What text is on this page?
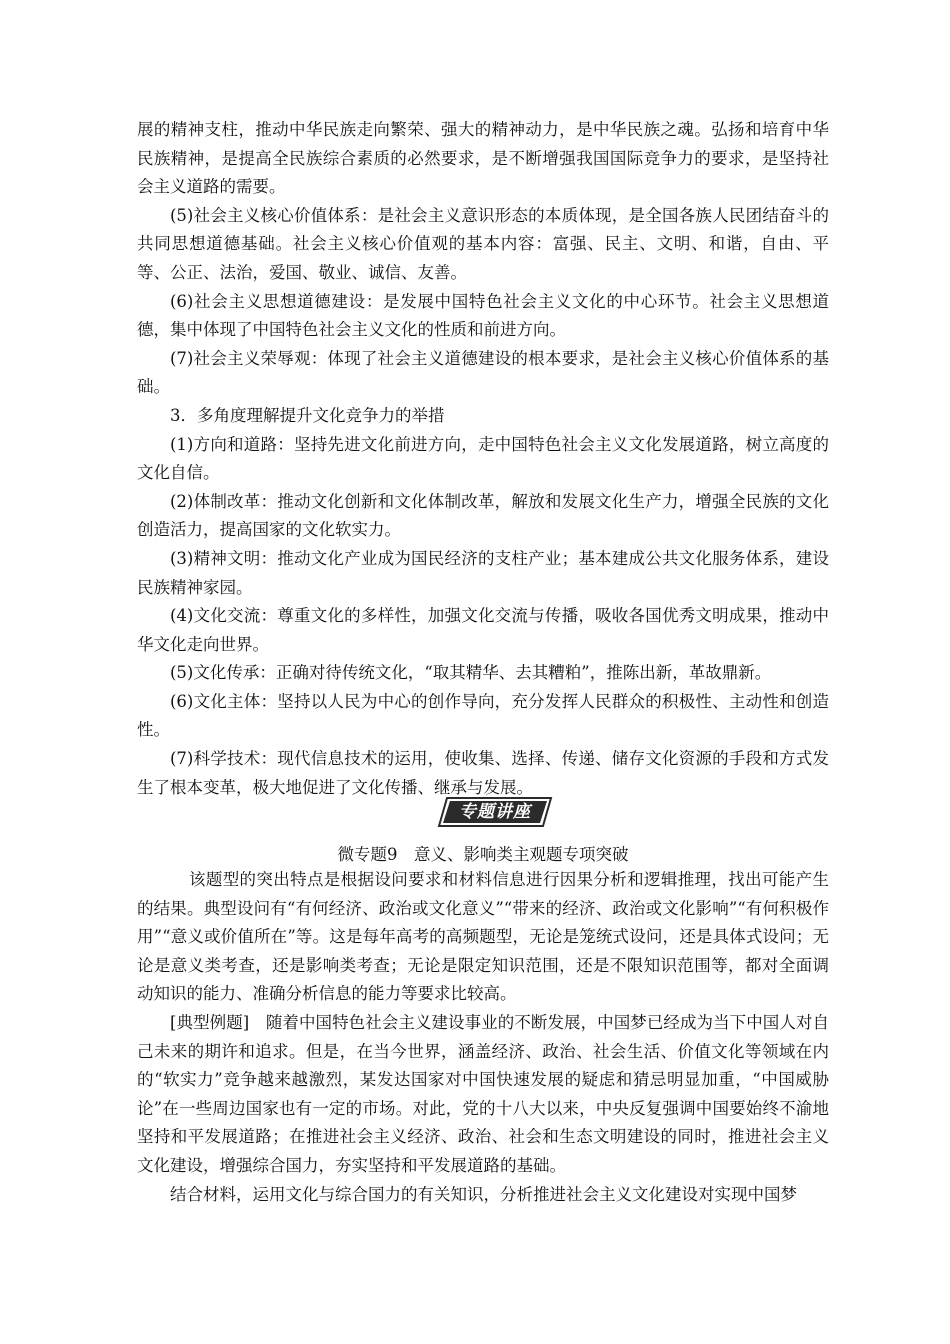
展的精神支柱，推动中华民族走向繁荣、强大的精神动力，是中华民族之魂。弘扬和培育中华民族精神，是提高全民族综合素质的必然要求，是不断增强我国国际竞争力的要求，是坚持社会主义道路的需要。

(5)社会主义核心价值体系：是社会主义意识形态的本质体现，是全国各族人民团结奋斗的共同思想道德基础。社会主义核心价值观的基本内容：富强、民主、文明、和谐，自由、平等、公正、法治，爱国、敬业、诚信、友善。

(6)社会主义思想道德建设：是发展中国特色社会主义文化的中心环节。社会主义思想道德，集中体现了中国特色社会主义文化的性质和前进方向。

(7)社会主义荣辱观：体现了社会主义道德建设的根本要求，是社会主义核心价值体系的基础。

3．多角度理解提升文化竞争力的举措

(1)方向和道路：坚持先进文化前进方向，走中国特色社会主义文化发展道路，树立高度的文化自信。

(2)体制改革：推动文化创新和文化体制改革，解放和发展文化生产力，增强全民族的文化创造活力，提高国家的文化软实力。

(3)精神文明：推动文化产业成为国民经济的支柱产业；基本建成公共文化服务体系，建设民族精神家园。

(4)文化交流：尊重文化的多样性，加强文化交流与传播，吸收各国优秀文明成果，推动中华文化走向世界。

(5)文化传承：正确对待传统文化，“取其精华、去其糟粕”，推陈出新，革故鼎新。

(6)文化主体：坚持以人民为中心的创作导向，充分发挥人民群众的积极性、主动性和创造性。

(7)科学技术：现代信息技术的运用，使收集、选择、传递、储存文化资源的手段和方式发生了根本变革，极大地促进了文化传播、继承与发展。

专题讲座
微专题9　意义、影响类主观题专项突破

该题型的突出特点是根据设问要求和材料信息进行因果分析和逻辑推理，找出可能产生的结果。典型设问有“有何经济、政治或文化意义”“带来的经济、政治或文化影响”“有何积极作用”“意义或价值所在”等。这是每年高考的高频题型，无论是笼统式设问，还是具体式设问；无论是意义类考查，还是影响类考查；无论是限定知识范围，还是不限知识范围等，都对全面调动知识的能力、准确分析信息的能力等要求比较高。

[典型例题]　随着中国特色社会主义建设事业的不断发展，中国梦已经成为当下中国人对自己未来的期许和追求。但是，在当今世界，涵盖经济、政治、社会生活、价值文化等领域在内的“软实力”竞争越来越激烈，某发达国家对中国快速发展的疑虑和猜忌明显加重，“中国威胁论”在一些周边国家也有一定的市场。对此，党的十八大以来，中央反复强调中国要始终不渝地坚持和平发展道路；在推进社会主义经济、政治、社会和生态文明建设的同时，推进社会主义文化建设，增强综合国力，夯实坚持和平发展道路的基础。

结合材料，运用文化与综合国力的有关知识，分析推进社会主义文化建设对实现中国梦
